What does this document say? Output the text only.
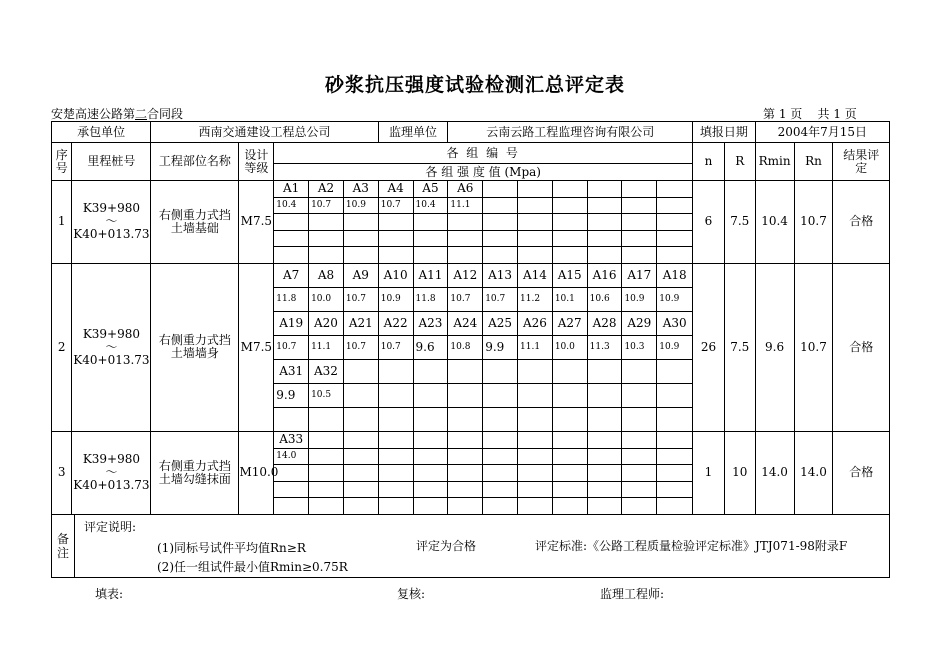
砂浆抗压强度试验检测汇总评定表
安楚高速公路第二合同段	第 1 页    共 1 页
承包单位		西南交通建设工程总公司					监理单位		云南云路工程监理咨询有限公司							填报日期		2004年7月15日		
序号	里程桩号	工程部位名称	设计等级	各 组 编 号												n	R	Rmin	Rn	结果评定
				各 组 强 度 值 (Mpa)																
1	K39+980
～
K40+013.73	右侧重力式挡土墙基础	M7.5	A1	A2	A3	A4	A5	A6							6	7.5	10.4	10.7	合格
				10.4	10.7	10.9	10.7	10.4	11.1											

2	K39+980
～
K40+013.73	右侧重力式挡土墙墙身	M7.5	A7	A8	A9	A10	A11	A12	A13	A14	A15	A16	A17	A18	26	7.5	9.6	10.7	合格
				11.8	10.0	10.7	10.9	11.8	10.7	10.7	11.2	10.1	10.6	10.9	10.9					
				A19	A20	A21	A22	A23	A24	A25	A26	A27	A28	A29	A30					
				10.7	11.1	10.7	10.7	9.6	10.8	9.9	11.1	10.0	11.3	10.3	10.9					
				A31	A32															
				9.9	10.5															

3	K39+980
～
K40+013.73	右侧重力式挡土墙勾缝抹面	M10.0	A33												1	10	14.0	14.0	合格
				14.0																

备注	
评定说明:
(1)同标号试件平均值Rn≥R
(2)任一组试件最小值Rmin≥0.75R
评定为合格	评定标准:《公路工程质量检验评定标准》JTJ071-98附录F
填表:	复核:	监理工程师:
